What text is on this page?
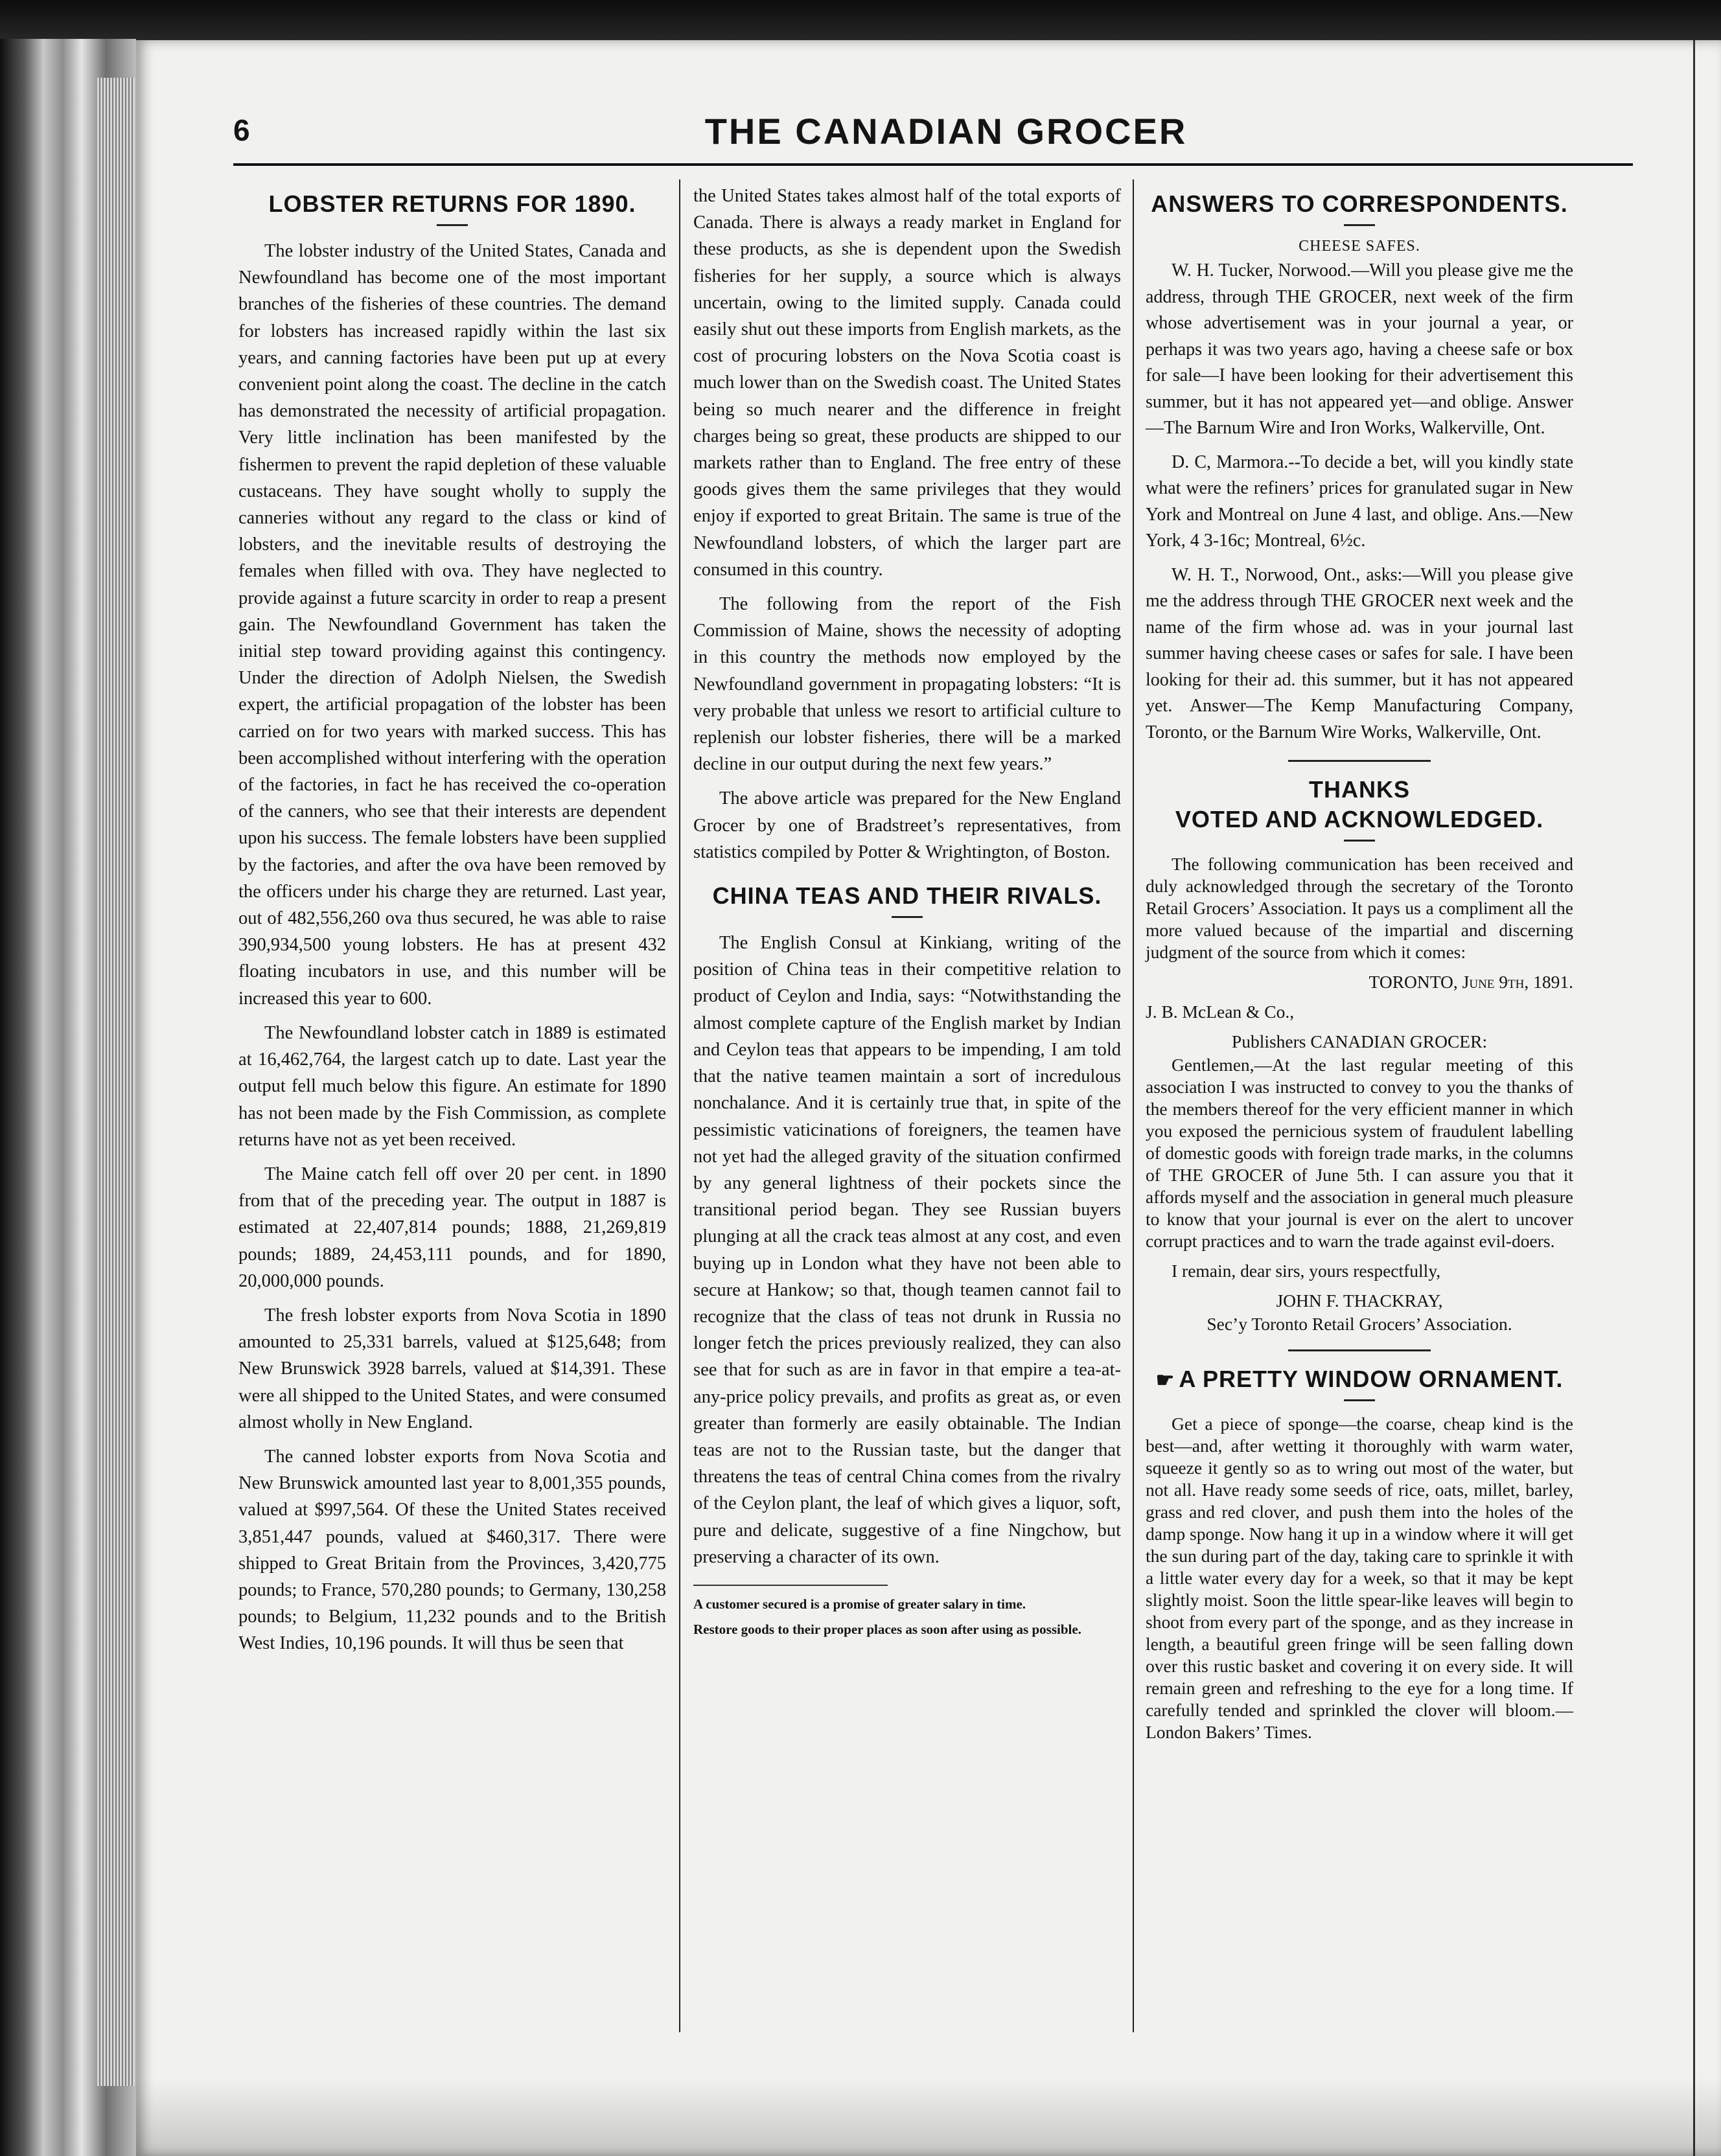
6	THE CANADIAN GROCER
LOBSTER RETURNS FOR 1890.

The lobster industry of the United States, Canada and Newfoundland has become one of the most important branches of the fisheries of these countries. The demand for lobsters has increased rapidly within the last six years, and canning factories have been put up at every convenient point along the coast. The decline in the catch has demonstrated the necessity of artificial propagation. Very little inclination has been manifested by the fishermen to prevent the rapid depletion of these valuable custaceans. They have sought wholly to supply the canneries without any regard to the class or kind of lobsters, and the inevitable results of destroying the females when filled with ova. They have neglected to provide against a future scarcity in order to reap a present gain. The Newfoundland Government has taken the initial step toward providing against this contingency. Under the direction of Adolph Nielsen, the Swedish expert, the artificial propagation of the lobster has been carried on for two years with marked success. This has been accomplished without interfering with the operation of the factories, in fact he has received the co-operation of the canners, who see that their interests are dependent upon his success. The female lobsters have been supplied by the factories, and after the ova have been removed by the officers under his charge they are returned. Last year, out of 482,556,260 ova thus secured, he was able to raise 390,934,500 young lobsters. He has at present 432 floating incubators in use, and this number will be increased this year to 600.

The Newfoundland lobster catch in 1889 is estimated at 16,462,764, the largest catch up to date. Last year the output fell much below this figure. An estimate for 1890 has not been made by the Fish Commission, as complete returns have not as yet been received.

The Maine catch fell off over 20 per cent. in 1890 from that of the preceding year. The output in 1887 is estimated at 22,407,814 pounds; 1888, 21,269,819 pounds; 1889, 24,453,111 pounds, and for 1890, 20,000,000 pounds.

The fresh lobster exports from Nova Scotia in 1890 amounted to 25,331 barrels, valued at $125,648; from New Brunswick 3928 barrels, valued at $14,391. These were all shipped to the United States, and were consumed almost wholly in New England.

The canned lobster exports from Nova Scotia and New Brunswick amounted last year to 8,001,355 pounds, valued at $997,564. Of these the United States received 3,851,447 pounds, valued at $460,317. There were shipped to Great Britain from the Provinces, 3,420,775 pounds; to France, 570,280 pounds; to Germany, 130,258 pounds; to Belgium, 11,232 pounds and to the British West Indies, 10,196 pounds. It will thus be seen that

the United States takes almost half of the total exports of Canada. There is always a ready market in England for these products, as she is dependent upon the Swedish fisheries for her supply, a source which is always uncertain, owing to the limited supply. Canada could easily shut out these imports from English markets, as the cost of procuring lobsters on the Nova Scotia coast is much lower than on the Swedish coast. The United States being so much nearer and the difference in freight charges being so great, these products are shipped to our markets rather than to England. The free entry of these goods gives them the same privileges that they would enjoy if exported to great Britain. The same is true of the Newfoundland lobsters, of which the larger part are consumed in this country.

The following from the report of the Fish Commission of Maine, shows the necessity of adopting in this country the methods now employed by the Newfoundland government in propagating lobsters: “It is very probable that unless we resort to artificial culture to replenish our lobster fisheries, there will be a marked decline in our output during the next few years.”

The above article was prepared for the New England Grocer by one of Bradstreet’s representatives, from statistics compiled by Potter & Wrightington, of Boston.

CHINA TEAS AND THEIR RIVALS.

The English Consul at Kinkiang, writing of the position of China teas in their competitive relation to product of Ceylon and India, says: “Notwithstanding the almost complete capture of the English market by Indian and Ceylon teas that appears to be impending, I am told that the native teamen maintain a sort of incredulous nonchalance. And it is certainly true that, in spite of the pessimistic vaticinations of foreigners, the teamen have not yet had the alleged gravity of the situation confirmed by any general lightness of their pockets since the transitional period began. They see Russian buyers plunging at all the crack teas almost at any cost, and even buying up in London what they have not been able to secure at Hankow; so that, though teamen cannot fail to recognize that the class of teas not drunk in Russia no longer fetch the prices previously realized, they can also see that for such as are in favor in that empire a tea-at-any-price policy prevails, and profits as great as, or even greater than formerly are easily obtainable. The Indian teas are not to the Russian taste, but the danger that threatens the teas of central China comes from the rivalry of the Ceylon plant, the leaf of which gives a liquor, soft, pure and delicate, suggestive of a fine Ningchow, but preserving a character of its own.

A customer secured is a promise of greater salary in time.

Restore goods to their proper places as soon after using as possible.

ANSWERS TO CORRESPONDENTS.
CHEESE SAFES.

W. H. Tucker, Norwood.—Will you please give me the address, through THE GROCER, next week of the firm whose advertisement was in your journal a year, or perhaps it was two years ago, having a cheese safe or box for sale—I have been looking for their advertisement this summer, but it has not appeared yet—and oblige. Answer—The Barnum Wire and Iron Works, Walkerville, Ont.

D. C, Marmora.--To decide a bet, will you kindly state what were the refiners’ prices for granulated sugar in New York and Montreal on June 4 last, and oblige. Ans.—New York, 4 3-16c; Montreal, 6½c.

W. H. T., Norwood, Ont., asks:—Will you please give me the address through THE GROCER next week and the name of the firm whose ad. was in your journal last summer having cheese cases or safes for sale. I have been looking for their ad. this summer, but it has not appeared yet. Answer—The Kemp Manufacturing Company, Toronto, or the Barnum Wire Works, Walkerville, Ont.

THANKS
VOTED AND ACKNOWLEDGED.

The following communication has been received and duly acknowledged through the secretary of the Toronto Retail Grocers’ Association. It pays us a compliment all the more valued because of the impartial and discerning judgment of the source from which it comes:

TORONTO, June 9th, 1891.

J. B. McLean & Co.,

Publishers CANADIAN GROCER:

Gentlemen,—At the last regular meeting of this association I was instructed to convey to you the thanks of the members thereof for the very efficient manner in which you exposed the pernicious system of fraudulent labelling of domestic goods with foreign trade marks, in the columns of THE GROCER of June 5th. I can assure you that it affords myself and the association in general much pleasure to know that your journal is ever on the alert to uncover corrupt practices and to warn the trade against evil-doers.

I remain, dear sirs, yours respectfully,

JOHN F. THACKRAY,

Sec’y Toronto Retail Grocers’ Association.

☛ A PRETTY WINDOW ORNAMENT.

Get a piece of sponge—the coarse, cheap kind is the best—and, after wetting it thoroughly with warm water, squeeze it gently so as to wring out most of the water, but not all. Have ready some seeds of rice, oats, millet, barley, grass and red clover, and push them into the holes of the damp sponge. Now hang it up in a window where it will get the sun during part of the day, taking care to sprinkle it with a little water every day for a week, so that it may be kept slightly moist. Soon the little spear-like leaves will begin to shoot from every part of the sponge, and as they increase in length, a beautiful green fringe will be seen falling down over this rustic basket and covering it on every side. It will remain green and refreshing to the eye for a long time. If carefully tended and sprinkled the clover will bloom.—London Bakers’ Times.
